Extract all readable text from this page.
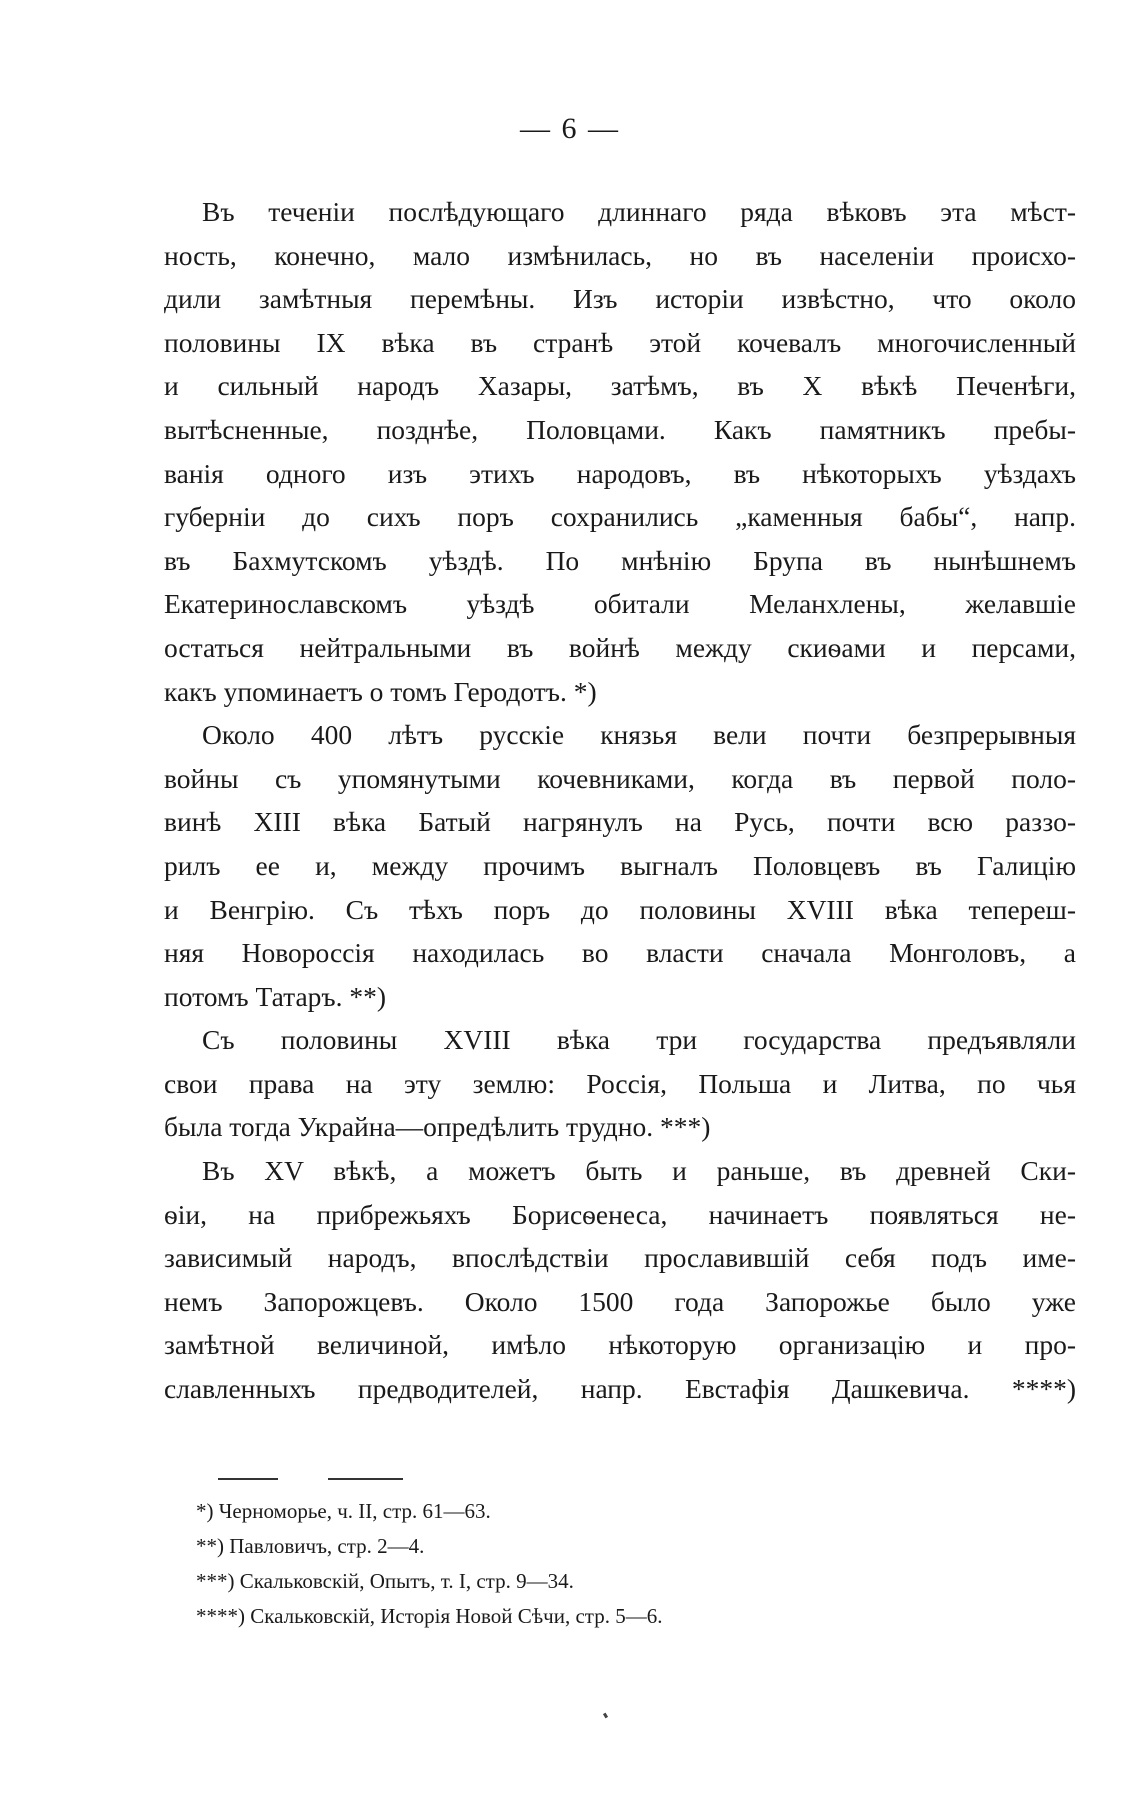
— 6 —
Въ теченіи послѣдующаго длиннаго ряда вѣковъ эта мѣст-
ность, конечно, мало измѣнилась, но въ населеніи происхо-
дили замѣтныя перемѣны. Изъ исторіи извѣстно, что около
половины IX вѣка въ странѣ этой кочевалъ многочисленный
и сильный народъ Хазары, затѣмъ, въ X вѣкѣ Печенѣги,
вытѣсненные, позднѣе, Половцами. Какъ памятникъ пребы-
ванія одного изъ этихъ народовъ, въ нѣкоторыхъ уѣздахъ
губерніи до сихъ поръ сохранились „каменныя бабы“, напр.
въ Бахмутскомъ уѣздѣ. По мнѣнію Брупа въ нынѣшнемъ
Екатеринославскомъ уѣздѣ обитали Меланхлены, желавшіе
остаться нейтральными въ войнѣ между скиѳами и персами,
какъ упоминаетъ о томъ Геродотъ. *)
Около 400 лѣтъ русскіе князья вели почти безпрерывныя
войны съ упомянутыми кочевниками, когда въ первой поло-
винѣ XIII вѣка Батый нагрянулъ на Русь, почти всю раззо-
рилъ ее и, между прочимъ выгналъ Половцевъ въ Галицію
и Венгрію. Съ тѣхъ поръ до половины XVIII вѣка теперeш-
няя Новороссія находилась во власти сначала Монголовъ, а
потомъ Татаръ. **)
Съ половины XVIII вѣка три государства предъявляли
свои права на эту землю: Россія, Польша и Литва, по чья
была тогда Украйна—опредѣлить трудно. ***)
Въ XV вѣкѣ, а можетъ быть и раньше, въ древней Ски-
ѳіи, на прибрежьяхъ Борисѳенеса, начинаетъ появляться не-
зависимый народъ, впослѣдствіи прославившій себя подъ име-
немъ Запорожцевъ. Около 1500 года Запорожье было уже
замѣтной величиной, имѣло нѣкоторую организацію и про-
славленныхъ предводителей, напр. Евстафія Дашкевича. ****)
*) Черноморье, ч. II, стр. 61—63.
**) Павловичъ, стр. 2—4.
***) Скальковскій, Опытъ, т. I, стр. 9—34.
****) Скальковскій, Исторія Новой Сѣчи, стр. 5—6.
